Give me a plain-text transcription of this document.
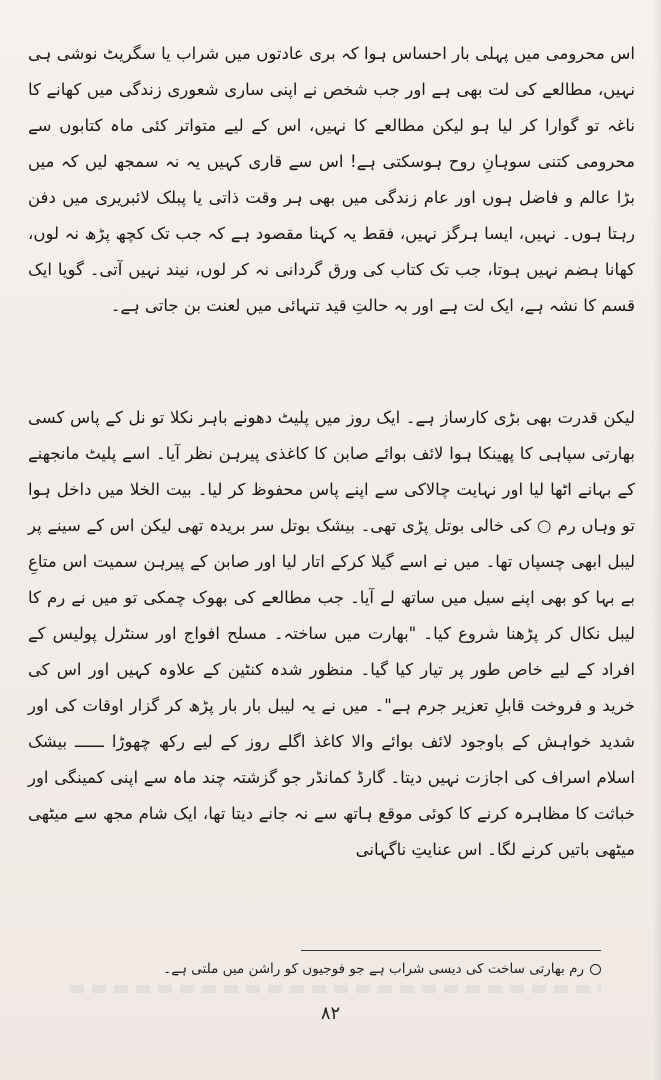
اس محرومی میں پہلی بار احساس ہوا کہ بری عادتوں میں شراب یا سگریٹ نوشی ہی نہیں، مطالعے کی لت بھی ہے اور جب شخص نے اپنی ساری شعوری زندگی میں کھانے کا ناغہ تو گوارا کر لیا ہو لیکن مطالعے کا نہیں، اس کے لیے متواتر کئی ماہ کتابوں سے محرومی کتنی سوہانِ روح ہوسکتی ہے! اس سے قاری کہیں یہ نہ سمجھ لیں کہ میں بڑا عالم و فاضل ہوں اور عام زندگی میں بھی ہر وقت ذاتی یا پبلک لائبریری میں دفن رہتا ہوں۔ نہیں، ایسا ہرگز نہیں، فقط یہ کہنا مقصود ہے کہ جب تک کچھ پڑھ نہ لوں، کھانا ہضم نہیں ہوتا، جب تک کتاب کی ورق گردانی نہ کر لوں، نیند نہیں آتی۔ گویا ایک قسم کا نشہ ہے، ایک لت ہے اور بہ حالتِ قید تنہائی میں لعنت بن جاتی ہے۔

لیکن قدرت بھی بڑی کارساز ہے۔ ایک روز میں پلیٹ دھونے باہر نکلا تو نل کے پاس کسی بھارتی سپاہی کا پھینکا ہوا لائف بوائے صابن کا کاغذی پیرہن نظر آیا۔ اسے پلیٹ مانجھنے کے بہانے اٹھا لیا اور نہایت چالاکی سے اپنے پاس محفوظ کر لیا۔ بیت الخلا میں داخل ہوا تو وہاں رم ○ کی خالی بوتل پڑی تھی۔ بیشک بوتل سر بریدہ تھی لیکن اس کے سینے پر لیبل ابھی چسپاں تھا۔ میں نے اسے گیلا کرکے اتار لیا اور صابن کے پیرہن سمیت اس متاعِ بے بہا کو بھی اپنے سیل میں ساتھ لے آیا۔ جب مطالعے کی بھوک چمکی تو میں نے رم کا لیبل نکال کر پڑھنا شروع کیا۔ "بھارت میں ساختہ۔ مسلح افواج اور سنٹرل پولیس کے افراد کے لیے خاص طور پر تیار کیا گیا۔ منظور شدہ کنٹین کے علاوہ کہیں اور اس کی خرید و فروخت قابلِ تعزیر جرم ہے"۔ میں نے یہ لیبل بار بار پڑھ کر گزار اوقات کی اور شدید خواہش کے باوجود لائف بوائے والا کاغذ اگلے روز کے لیے رکھ چھوڑا ــــــ بیشک اسلام اسراف کی اجازت نہیں دیتا۔ گارڈ کمانڈر جو گزشتہ چند ماہ سے اپنی کمینگی اور خباثت کا مظاہرہ کرنے کا کوئی موقع ہاتھ سے نہ جانے دیتا تھا، ایک شام مجھ سے میٹھی میٹھی باتیں کرنے لگا۔ اس عنایتِ ناگہانی

رم بھارتی ساخت کی دیسی شراب ہے جو فوجیوں کو راشن میں ملتی ہے۔
۸۲
